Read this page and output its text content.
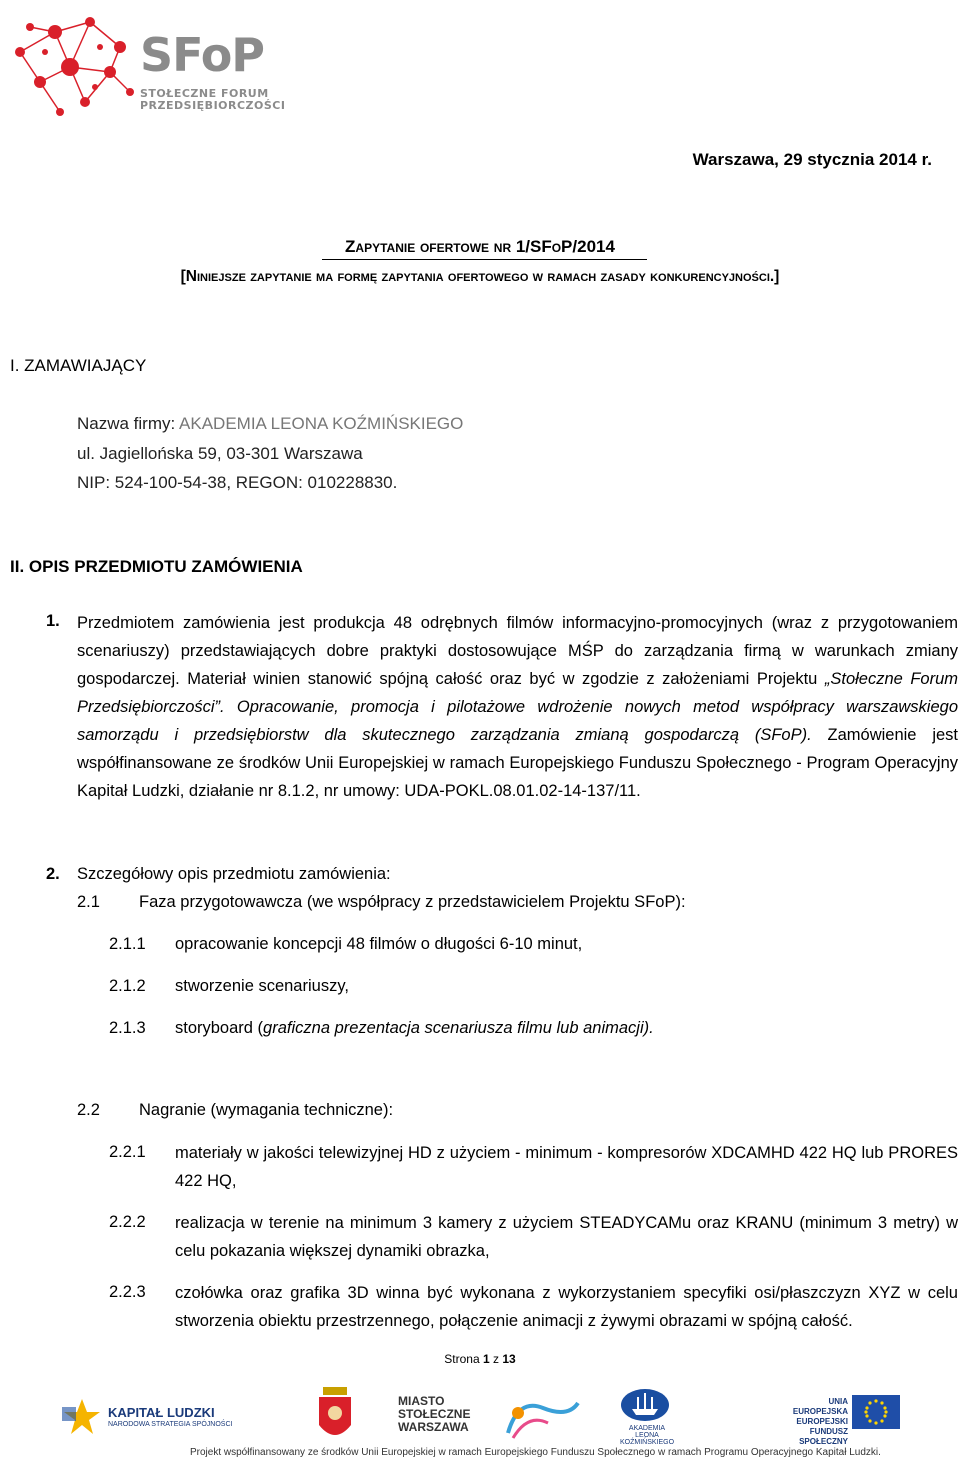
SFoP
STOŁECZNE FORUM
PRZEDSIĘBIORCZOŚCI
Warszawa, 29 stycznia 2014 r.
Zapytanie ofertowe nr 1/SFoP/2014
[Niniejsze zapytanie ma formę zapytania ofertowego w ramach zasady konkurencyjności.]
I. ZAMAWIAJĄCY
Nazwa firmy: AKADEMIA LEONA KOŹMIŃSKIEGO
ul. Jagiellońska 59, 03-301 Warszawa
NIP: 524-100-54-38, REGON: 010228830.
II. OPIS PRZEDMIOTU ZAMÓWIENIA
1. Przedmiotem zamówienia jest produkcja 48 odrębnych filmów informacyjno-promocyjnych (wraz z przygotowaniem scenariuszy) przedstawiających dobre praktyki dostosowujące MŚP do zarządzania firmą w warunkach zmiany gospodarczej. Materiał winien stanowić spójną całość oraz być w zgodzie z założeniami Projektu „Stołeczne Forum Przedsiębiorczości”. Opracowanie, promocja i pilotażowe wdrożenie nowych metod współpracy warszawskiego samorządu i przedsiębiorstw dla skutecznego zarządzania zmianą gospodarczą (SFoP). Zamówienie jest współfinansowane ze środków Unii Europejskiej w ramach Europejskiego Funduszu Społecznego - Program Operacyjny Kapitał Ludzki, działanie nr 8.1.2, nr umowy: UDA-POKL.08.01.02-14-137/11.
2. Szczegółowy opis przedmiotu zamówienia:
2.1 Faza przygotowawcza (we współpracy z przedstawicielem Projektu SFoP):
2.1.1 opracowanie koncepcji 48 filmów o długości 6-10 minut,
2.1.2 stworzenie scenariuszy,
2.1.3 storyboard (graficzna prezentacja scenariusza filmu lub animacji).
2.2 Nagranie (wymagania techniczne):
2.2.1 materiały w jakości telewizyjnej HD z użyciem - minimum - kompresorów XDCAMHD 422 HQ lub PRORES 422 HQ,
2.2.2 realizacja w terenie na minimum 3 kamery z użyciem STEADYCAMu oraz KRANU (minimum 3 metry) w celu pokazania większej dynamiki obrazka,
2.2.3 czołówka oraz grafika 3D winna być wykonana z wykorzystaniem specyfiki osi/płaszczyzn XYZ w celu stworzenia obiektu przestrzennego, połączenie animacji z żywymi obrazami w spójną całość.
Strona 1 z 13
KAPITAŁ LUDZKI
NARODOWA STRATEGIA SPÓJNOŚCI
MIASTO
STOŁECZNE
WARSZAWA	AKADEMIA
LEONA KOŹMIŃSKIEGO
UNIA EUROPEJSKA
EUROPEJSKI
FUNDUSZ SPOŁECZNY
Projekt współfinansowany ze środków Unii Europejskiej w ramach Europejskiego Funduszu Społecznego w ramach Programu Operacyjnego Kapitał Ludzki.
